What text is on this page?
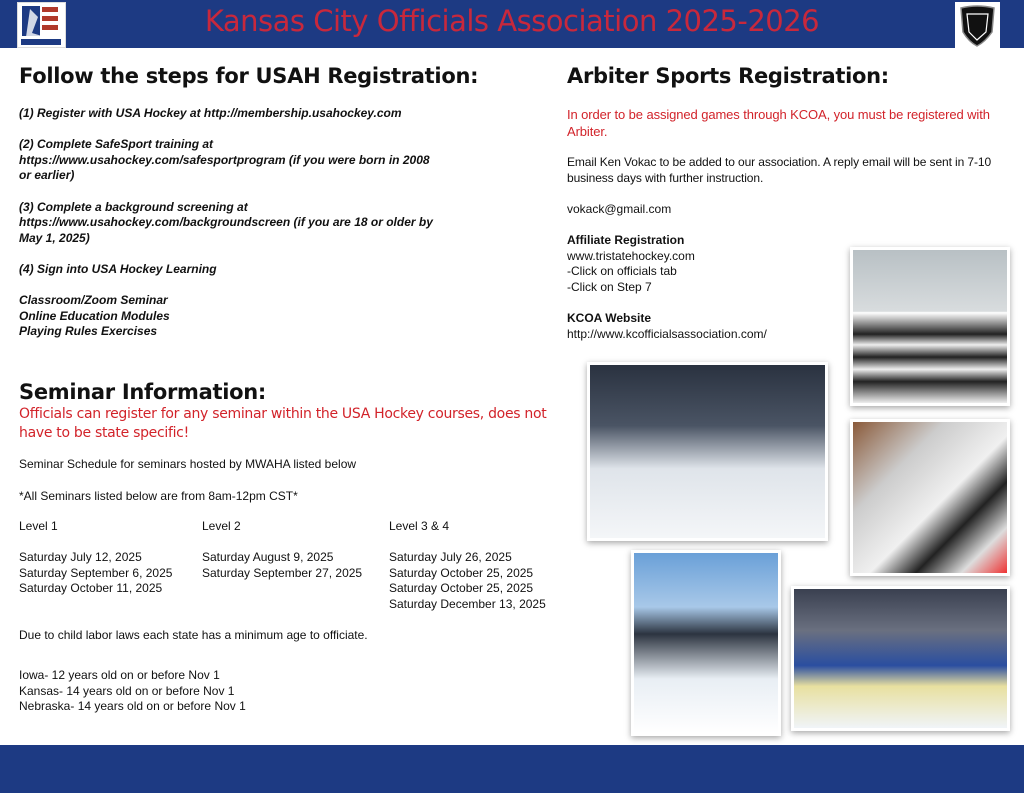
Kansas City Officials Association 2025-2026
Follow the steps for USAH Registration:

(1) Register with USA Hockey at http://membership.usahockey.com

(2) Complete SafeSport training at
https://www.usahockey.com/safesportprogram (if you were born in 2008 or earlier)

(3) Complete a background screening at
https://www.usahockey.com/backgroundscreen (if you are 18 or older by May 1, 2025)

(4) Sign into USA Hockey Learning

Classroom/Zoom Seminar
Online Education Modules
Playing Rules Exercises
Seminar Information:
Officials can register for any seminar within the USA Hockey courses, does not have to be state specific!
Seminar Schedule for seminars hosted by MWAHA listed below
*All Seminars listed below are from 8am-12pm CST*
Level 1
Saturday July 12, 2025
Saturday September 6, 2025
Saturday October 11, 2025
Level 2
Saturday August 9, 2025
Saturday September 27, 2025
Level 3 & 4
Saturday July 26, 2025
Saturday October 25, 2025
Saturday October 25, 2025
Saturday December 13, 2025
Due to child labor laws each state has a minimum age to officiate.
Iowa- 12 years old on or before Nov 1
Kansas- 14 years old on or before Nov 1
Nebraska- 14 years old on or before Nov 1
Arbiter Sports Registration:
In order to be assigned games through KCOA, you must be registered with Arbiter.
Email Ken Vokac to be added to our association. A reply email will be sent in 7-10 business days with further instruction.
vokack@gmail.com
Affiliate Registration
www.tristatehockey.com
-Click on officials tab
-Click on Step 7
KCOA Website
http://www.kcofficialsassociation.com/
